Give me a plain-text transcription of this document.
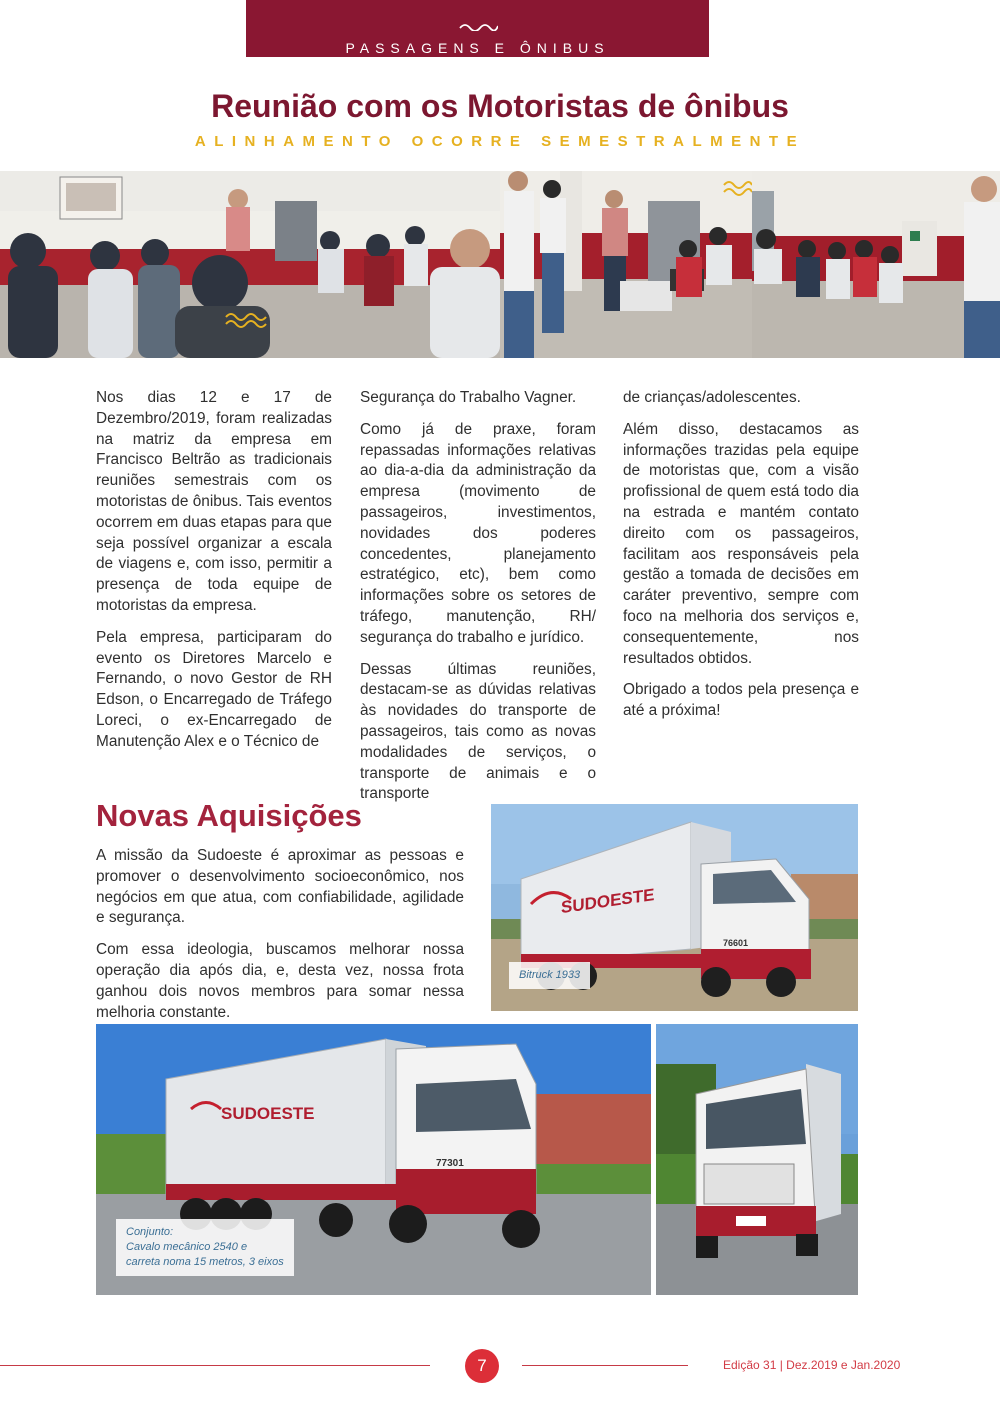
PASSAGENS E ÔNIBUS
Reunião com os Motoristas de ônibus
ALINHAMENTO OCORRE SEMESTRALMENTE

Nos dias 12 e 17 de Dezembro/2019, foram realizadas na matriz da empresa em Francisco Beltrão as tradicionais reuniões semestrais com os motoristas de ônibus. Tais eventos ocorrem em duas etapas para que seja possível organizar a escala de viagens e, com isso, permitir a presença de toda equipe de motoristas da empresa.

Pela empresa, participaram do evento os Diretores Marcelo e Fernando, o novo Gestor de RH Edson, o Encarregado de Tráfego Loreci, o ex-Encarregado de Manutenção Alex e o Técnico de

Segurança do Trabalho Vagner.

Como já de praxe, foram repassadas informações relativas ao dia-a-dia da administração da empresa (movimento de passageiros, investimentos, novidades dos poderes concedentes, planejamento estratégico, etc), bem como informações sobre os setores de tráfego, manutenção, RH/ segurança do trabalho e jurídico.

Dessas últimas reuniões, destacam-se as dúvidas relativas às novidades do transporte de passageiros, tais como as novas modalidades de serviços, o transporte de animais e o transporte

de crianças/adolescentes.

Além disso, destacamos as informações trazidas pela equipe de motoristas que, com a visão profissional de quem está todo dia na estrada e mantém contato direito com os passageiros, facilitam aos responsáveis pela gestão a tomada de decisões em caráter preventivo, sempre com foco na melhoria dos serviços e, consequentemente, nos resultados obtidos.

Obrigado a todos pela presença e até a próxima!

Novas Aquisições

A missão da Sudoeste é aproximar as pessoas e promover o desenvolvimento socioeconômico, nos negócios em que atua, com confiabilidade, agilidade e segurança.

Com essa ideologia, buscamos melhorar nossa operação dia após dia, e, desta vez, nossa frota ganhou dois novos membros para somar nessa melhoria constante.

SUDOESTE
76601
Bitruck 1933
SUDOESTE
77301
Conjunto:
Cavalo mecânico 2540 e
carreta noma 15 metros, 3 eixos
7	Edição 31 | Dez.2019 e Jan.2020
